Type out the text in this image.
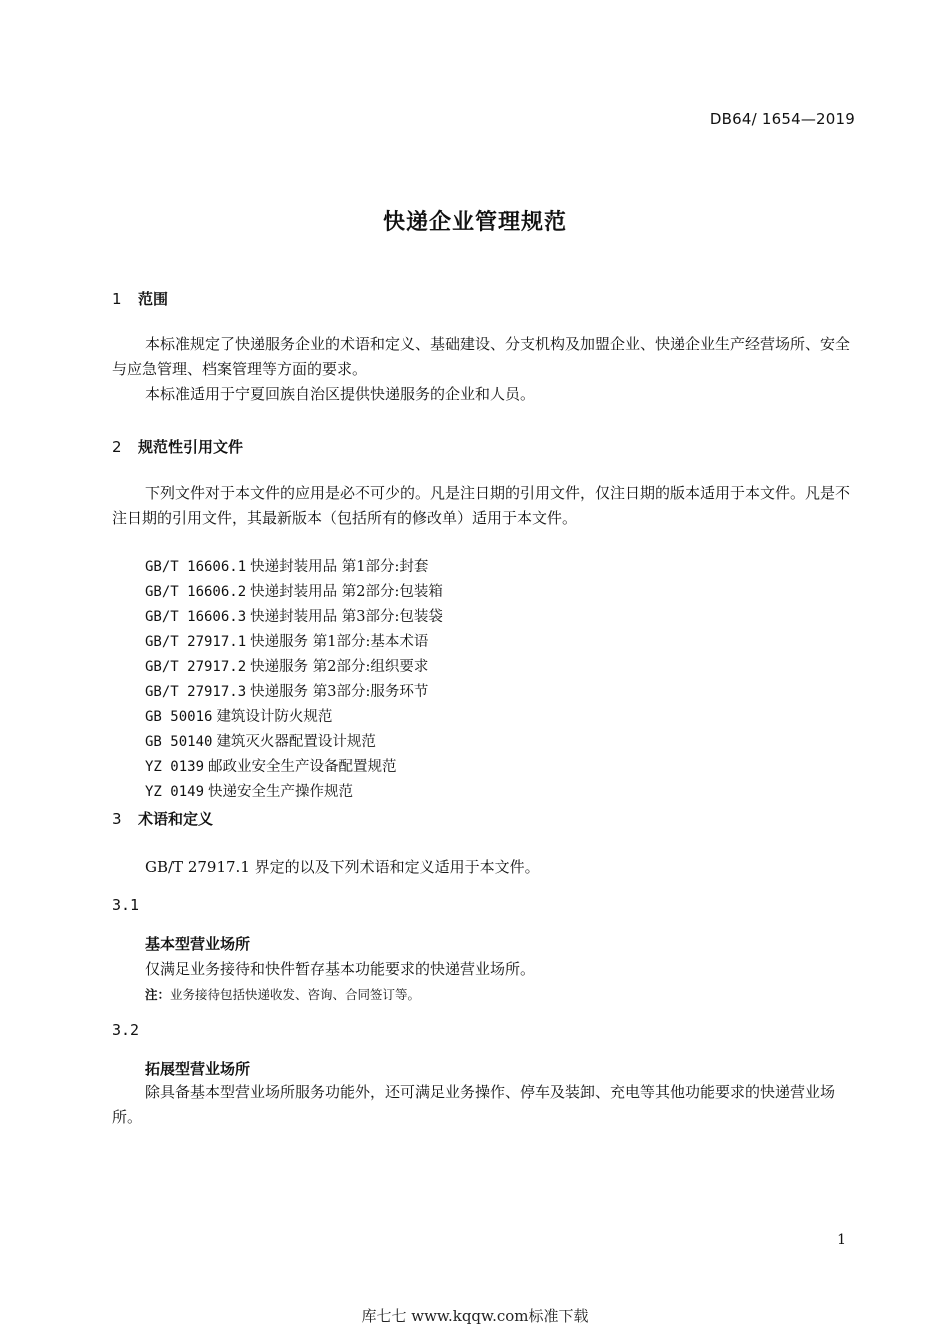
DB64/ 1654—2019
快递企业管理规范
1 范围
本标准规定了快递服务企业的术语和定义、基础建设、分支机构及加盟企业、快递企业生产经营场所、安全与应急管理、档案管理等方面的要求。
本标准适用于宁夏回族自治区提供快递服务的企业和人员。
2 规范性引用文件
下列文件对于本文件的应用是必不可少的。凡是注日期的引用文件，仅注日期的版本适用于本文件。凡是不注日期的引用文件，其最新版本（包括所有的修改单）适用于本文件。
GB/T 16606.1 快递封装用品 第1部分:封套
GB/T 16606.2 快递封装用品 第2部分:包装箱
GB/T 16606.3 快递封装用品 第3部分:包装袋
GB/T 27917.1 快递服务 第1部分:基本术语
GB/T 27917.2 快递服务 第2部分:组织要求
GB/T 27917.3 快递服务 第3部分:服务环节
GB 50016 建筑设计防火规范
GB 50140 建筑灭火器配置设计规范
YZ 0139 邮政业安全生产设备配置规范
YZ 0149 快递安全生产操作规范
3 术语和定义
GB/T 27917.1 界定的以及下列术语和定义适用于本文件。
3.1
基本型营业场所
仅满足业务接待和快件暂存基本功能要求的快递营业场所。
注：业务接待包括快递收发、咨询、合同签订等。
3.2
拓展型营业场所
除具备基本型营业场所服务功能外，还可满足业务操作、停车及装卸、充电等其他功能要求的快递营业场所。
1
库七七 www.kqqw.com标准下载
